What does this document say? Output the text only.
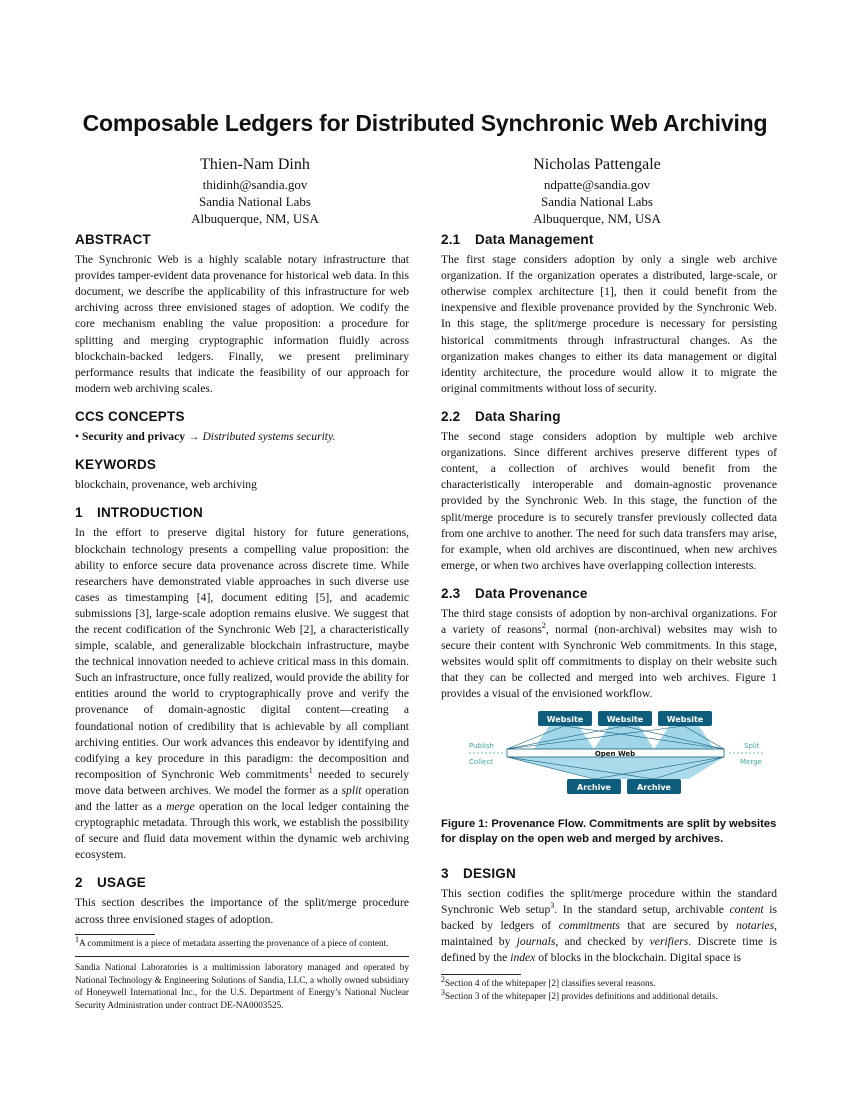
Composable Ledgers for Distributed Synchronic Web Archiving
Thien-Nam Dinh
thidinh@sandia.gov
Sandia National Labs
Albuquerque, NM, USA
Nicholas Pattengale
ndpatte@sandia.gov
Sandia National Labs
Albuquerque, NM, USA
ABSTRACT

The Synchronic Web is a highly scalable notary infrastructure that provides tamper-evident data provenance for historical web data. In this document, we describe the applicability of this infrastructure for web archiving across three envisioned stages of adoption. We codify the core mechanism enabling the value proposition: a procedure for splitting and merging cryptographic information fluidly across blockchain-backed ledgers. Finally, we present preliminary performance results that indicate the feasibility of our approach for modern web archiving scales.

CCS CONCEPTS

• Security and privacy → Distributed systems security.

KEYWORDS

blockchain, provenance, web archiving

1 INTRODUCTION

In the effort to preserve digital history for future generations, blockchain technology presents a compelling value proposition: the ability to enforce secure data provenance across discrete time. While researchers have demonstrated viable approaches in such diverse use cases as timestamping [4], document editing [5], and academic submissions [3], large-scale adoption remains elusive. We suggest that the recent codification of the Synchronic Web [2], a characteristically simple, scalable, and generalizable blockchain infrastructure, maybe the technical innovation needed to achieve critical mass in this domain. Such an infrastructure, once fully realized, would provide the ability for entities around the world to cryptographically prove and verify the provenance of domain-agnostic digital content—creating a foundational notion of credibility that is achievable by all compliant archiving entities. Our work advances this endeavor by identifying and codifying a key procedure in this paradigm: the decomposition and recomposition of Synchronic Web commitments$^1$ needed to securely move data between archives. We model the former as a split operation and the latter as a merge operation on the local ledger containing the cryptographic metadata. Through this work, we establish the possibility of secure and fluid data movement within the dynamic web archiving ecosystem.

2 USAGE

This section describes the importance of the split/merge procedure across three envisioned stages of adoption.

$^1$A commitment is a piece of metadata asserting the provenance of a piece of content.

Sandia National Laboratories is a multimission laboratory managed and operated by National Technology & Engineering Solutions of Sandia, LLC, a wholly owned subsidiary of Honeywell International Inc., for the U.S. Department of Energy’s National Nuclear Security Administration under contract DE-NA0003525.

2.1 Data Management

The first stage considers adoption by only a single web archive organization. If the organization operates a distributed, large-scale, or otherwise complex architecture [1], then it could benefit from the inexpensive and flexible provenance provided by the Synchronic Web. In this stage, the split/merge procedure is necessary for persisting historical commitments through infrastructural changes. As the organization makes changes to either its data management or digital identity architecture, the procedure would allow it to migrate the original commitments without loss of security.

2.2 Data Sharing

The second stage considers adoption by multiple web archive organizations. Since different archives preserve different types of content, a collection of archives would benefit from the characteristically interoperable and domain-agnostic provenance provided by the Synchronic Web. In this stage, the function of the split/merge procedure is to securely transfer previously collected data from one archive to another. The need for such data transfers may arise, for example, when old archives are discontinued, when new archives emerge, or when two archives have overlapping collection interests.

2.3 Data Provenance

The third stage consists of adoption by non-archival organizations. For a variety of reasons$^2$, normal (non-archival) websites may wish to secure their content with Synchronic Web commitments. In this stage, websites would split off commitments to display on their website such that they can be collected and merged into web archives. Figure 1 provides a visual of the envisioned workflow.

Website	Website	Website
Open Web
Publish
Collect
Split
Merge
Archive	Archive

Figure 1: Provenance Flow. Commitments are split by websites for display on the open web and merged by archives.

3 DESIGN

This section codifies the split/merge procedure within the standard Synchronic Web setup$^3$. In the standard setup, archivable content is backed by ledgers of commitments that are secured by notaries, maintained by journals, and checked by verifiers. Discrete time is defined by the index of blocks in the blockchain. Digital space is

$^2$Section 4 of the whitepaper [2] classifies several reasons.

$^3$Section 3 of the whitepaper [2] provides definitions and additional details.
